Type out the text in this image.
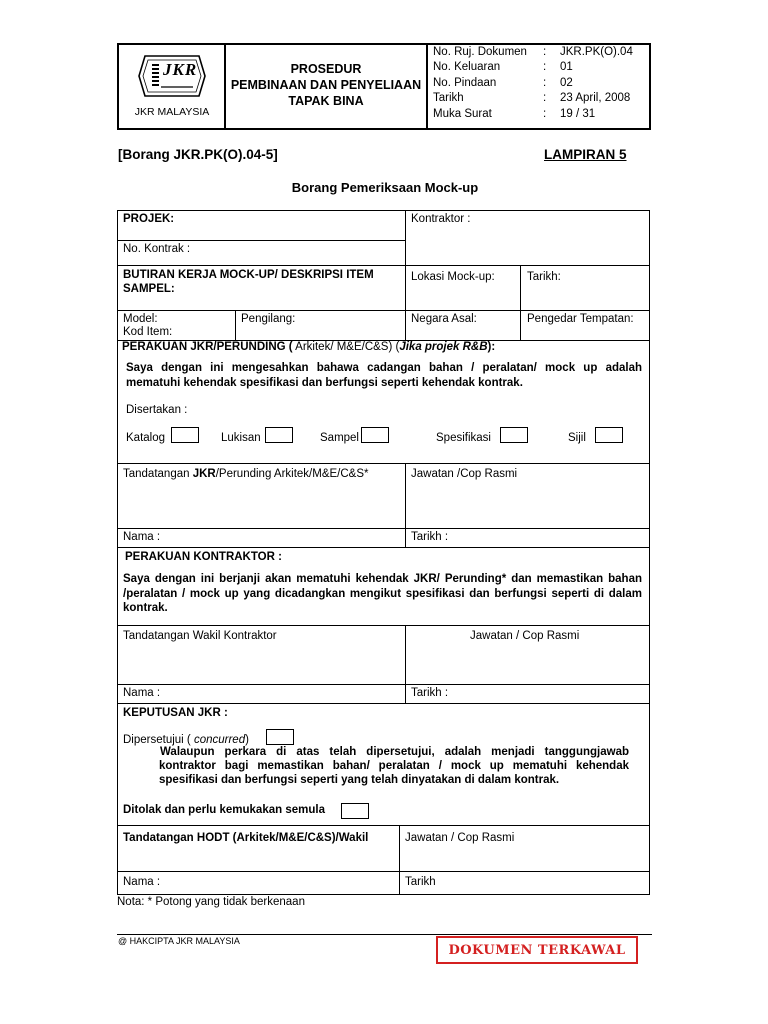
JKR
JKR MALAYSIA
PROSEDUR
PEMBINAAN DAN PENYELIAAN
TAPAK BINA
No. Ruj. Dokumen	:	JKR.PK(O).04
No. Keluaran	:	01
No. Pindaan	:	02
Tarikh	:	23 April, 2008
Muka Surat	:	19 / 31
[Borang JKR.PK(O).04-5]	LAMPIRAN 5
Borang Pemeriksaan Mock-up
PROJEK:	Kontraktor :
No. Kontrak :
BUTIRAN KERJA MOCK-UP/ DESKRIPSI ITEM SAMPEL:
Lokasi Mock-up:	Tarikh:
Model:
Kod Item:
Pengilang:	Negara Asal:	Pengedar Tempatan:
PERAKUAN JKR/PERUNDING ( Arkitek/ M&E/C&S) (Jika projek R&B):
Saya dengan ini mengesahkan bahawa cadangan bahan / peralatan/ mock up adalah mematuhi kehendak spesifikasi dan berfungsi seperti kehendak kontrak.
Disertakan :
Katalog	Lukisan	Sampel	Spesifikasi	Sijil
Tandatangan JKR/Perunding Arkitek/M&E/C&S*	Jawatan /Cop Rasmi
Nama :	Tarikh :
PERAKUAN KONTRAKTOR :
Saya dengan ini berjanji akan mematuhi kehendak JKR/ Perunding* dan memastikan bahan /peralatan / mock up yang dicadangkan mengikut spesifikasi dan berfungsi seperti di dalam kontrak.
Tandatangan Wakil Kontraktor	Jawatan / Cop Rasmi
Nama :	Tarikh :
KEPUTUSAN JKR :
Dipersetujui ( concurred)
Walaupun perkara di atas telah dipersetujui, adalah menjadi tanggungjawab kontraktor bagi memastikan bahan/ peralatan / mock up mematuhi kehendak spesifikasi dan berfungsi seperti yang telah dinyatakan di dalam kontrak.
Ditolak dan perlu kemukakan semula
Tandatangan HODT (Arkitek/M&E/C&S)/Wakil	Jawatan / Cop Rasmi
Nama :	Tarikh
Nota: * Potong yang tidak berkenaan
@ HAKCIPTA JKR MALAYSIA
DOKUMEN TERKAWAL
